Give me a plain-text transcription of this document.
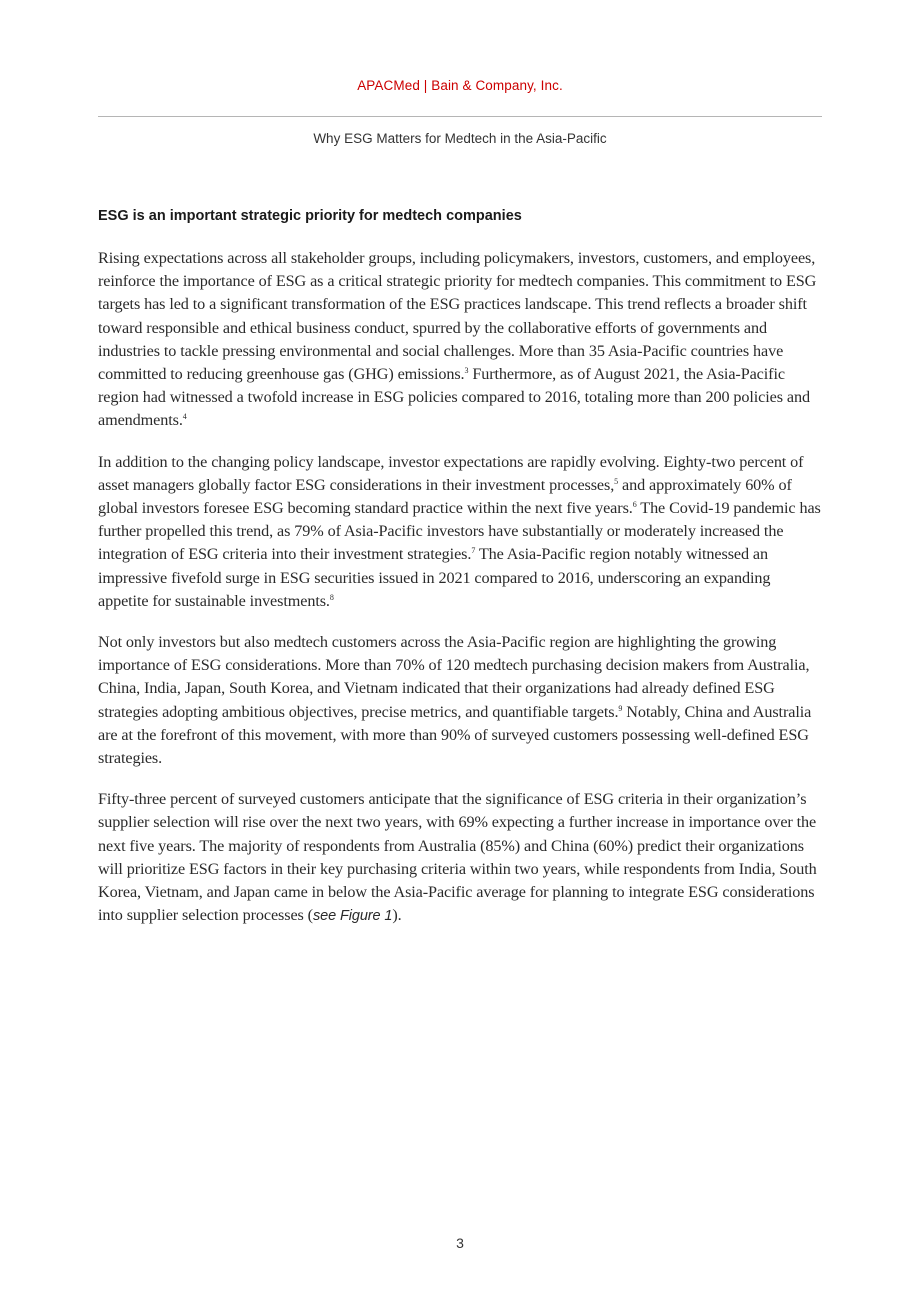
APACMed | Bain & Company, Inc.
Why ESG Matters for Medtech in the Asia-Pacific
ESG is an important strategic priority for medtech companies

Rising expectations across all stakeholder groups, including policymakers, investors, customers, and employees, reinforce the importance of ESG as a critical strategic priority for medtech companies. This commitment to ESG targets has led to a significant transformation of the ESG practices landscape. This trend reflects a broader shift toward responsible and ethical business conduct, spurred by the collaborative efforts of governments and industries to tackle pressing environmental and social challenges. More than 35 Asia-Pacific countries have committed to reducing greenhouse gas (GHG) emissions.$^3$ Furthermore, as of August 2021, the Asia-Pacific region had witnessed a twofold increase in ESG policies compared to 2016, totaling more than 200 policies and amendments.$^4$

In addition to the changing policy landscape, investor expectations are rapidly evolving. Eighty-two percent of asset managers globally factor ESG considerations in their investment processes,$^5$ and approximately 60% of global investors foresee ESG becoming standard practice within the next five years.$^6$ The Covid-19 pandemic has further propelled this trend, as 79% of Asia-Pacific investors have substantially or moderately increased the integration of ESG criteria into their investment strategies.$^7$ The Asia-Pacific region notably witnessed an impressive fivefold surge in ESG securities issued in 2021 compared to 2016, underscoring an expanding appetite for sustainable investments.$^8$

Not only investors but also medtech customers across the Asia-Pacific region are highlighting the growing importance of ESG considerations. More than 70% of 120 medtech purchasing decision makers from Australia, China, India, Japan, South Korea, and Vietnam indicated that their organizations had already defined ESG strategies adopting ambitious objectives, precise metrics, and quantifiable targets.$^9$ Notably, China and Australia are at the forefront of this movement, with more than 90% of surveyed customers possessing well-defined ESG strategies.

Fifty-three percent of surveyed customers anticipate that the significance of ESG criteria in their organization’s supplier selection will rise over the next two years, with 69% expecting a further increase in importance over the next five years. The majority of respondents from Australia (85%) and China (60%) predict their organizations will prioritize ESG factors in their key purchasing criteria within two years, while respondents from India, South Korea, Vietnam, and Japan came in below the Asia-Pacific average for planning to integrate ESG considerations into supplier selection processes (see Figure 1).

3
